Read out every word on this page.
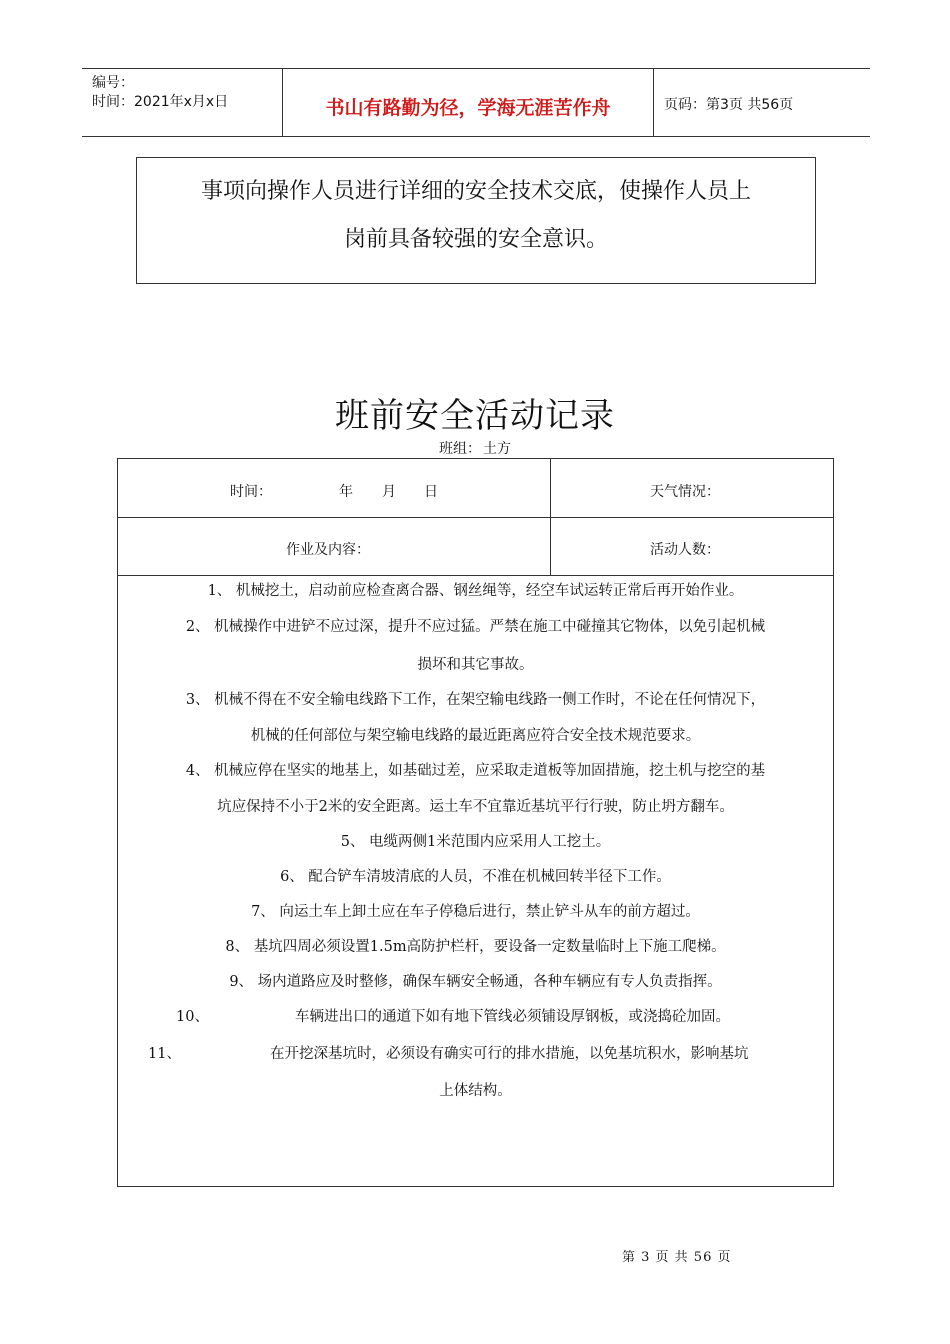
编号：
时间：2021年x月x日	书山有路勤为径，学海无涯苦作舟	页码：第3页 共56页

事项向操作人员进行详细的安全技术交底，使操作人员上

岗前具备较强的安全意识。

班前安全活动记录
班组： 土方
时间：	年 月 日	天气情况：
作业及内容：	活动人数：
1、 机械挖土，启动前应检查离合器、钢丝绳等，经空车试运转正常后再开始作业。
2、 机械操作中进铲不应过深，提升不应过猛。严禁在施工中碰撞其它物体，以免引起机械
损坏和其它事故。
3、 机械不得在不安全输电线路下工作，在架空输电线路一侧工作时，不论在任何情况下，
机械的任何部位与架空输电线路的最近距离应符合安全技术规范要求。
4、 机械应停在坚实的地基上，如基础过差，应采取走道板等加固措施，挖土机与挖空的基
坑应保持不小于2米的安全距离。运土车不宜靠近基坑平行行驶，防止坍方翻车。
5、 电缆两侧1米范围内应采用人工挖土。
6、 配合铲车清坡清底的人员，不准在机械回转半径下工作。
7、 向运土车上卸土应在车子停稳后进行，禁止铲斗从车的前方超过。
8、 基坑四周必须设置1.5m高防护栏杆，要设备一定数量临时上下施工爬梯。
9、 场内道路应及时整修，确保车辆安全畅通，各种车辆应有专人负责指挥。
10、	车辆进出口的通道下如有地下管线必须铺设厚钢板，或浇捣砼加固。
11、	在开挖深基坑时，必须设有确实可行的排水措施，以免基坑积水，影响基坑
上体结构。
第 3 页 共 56 页
